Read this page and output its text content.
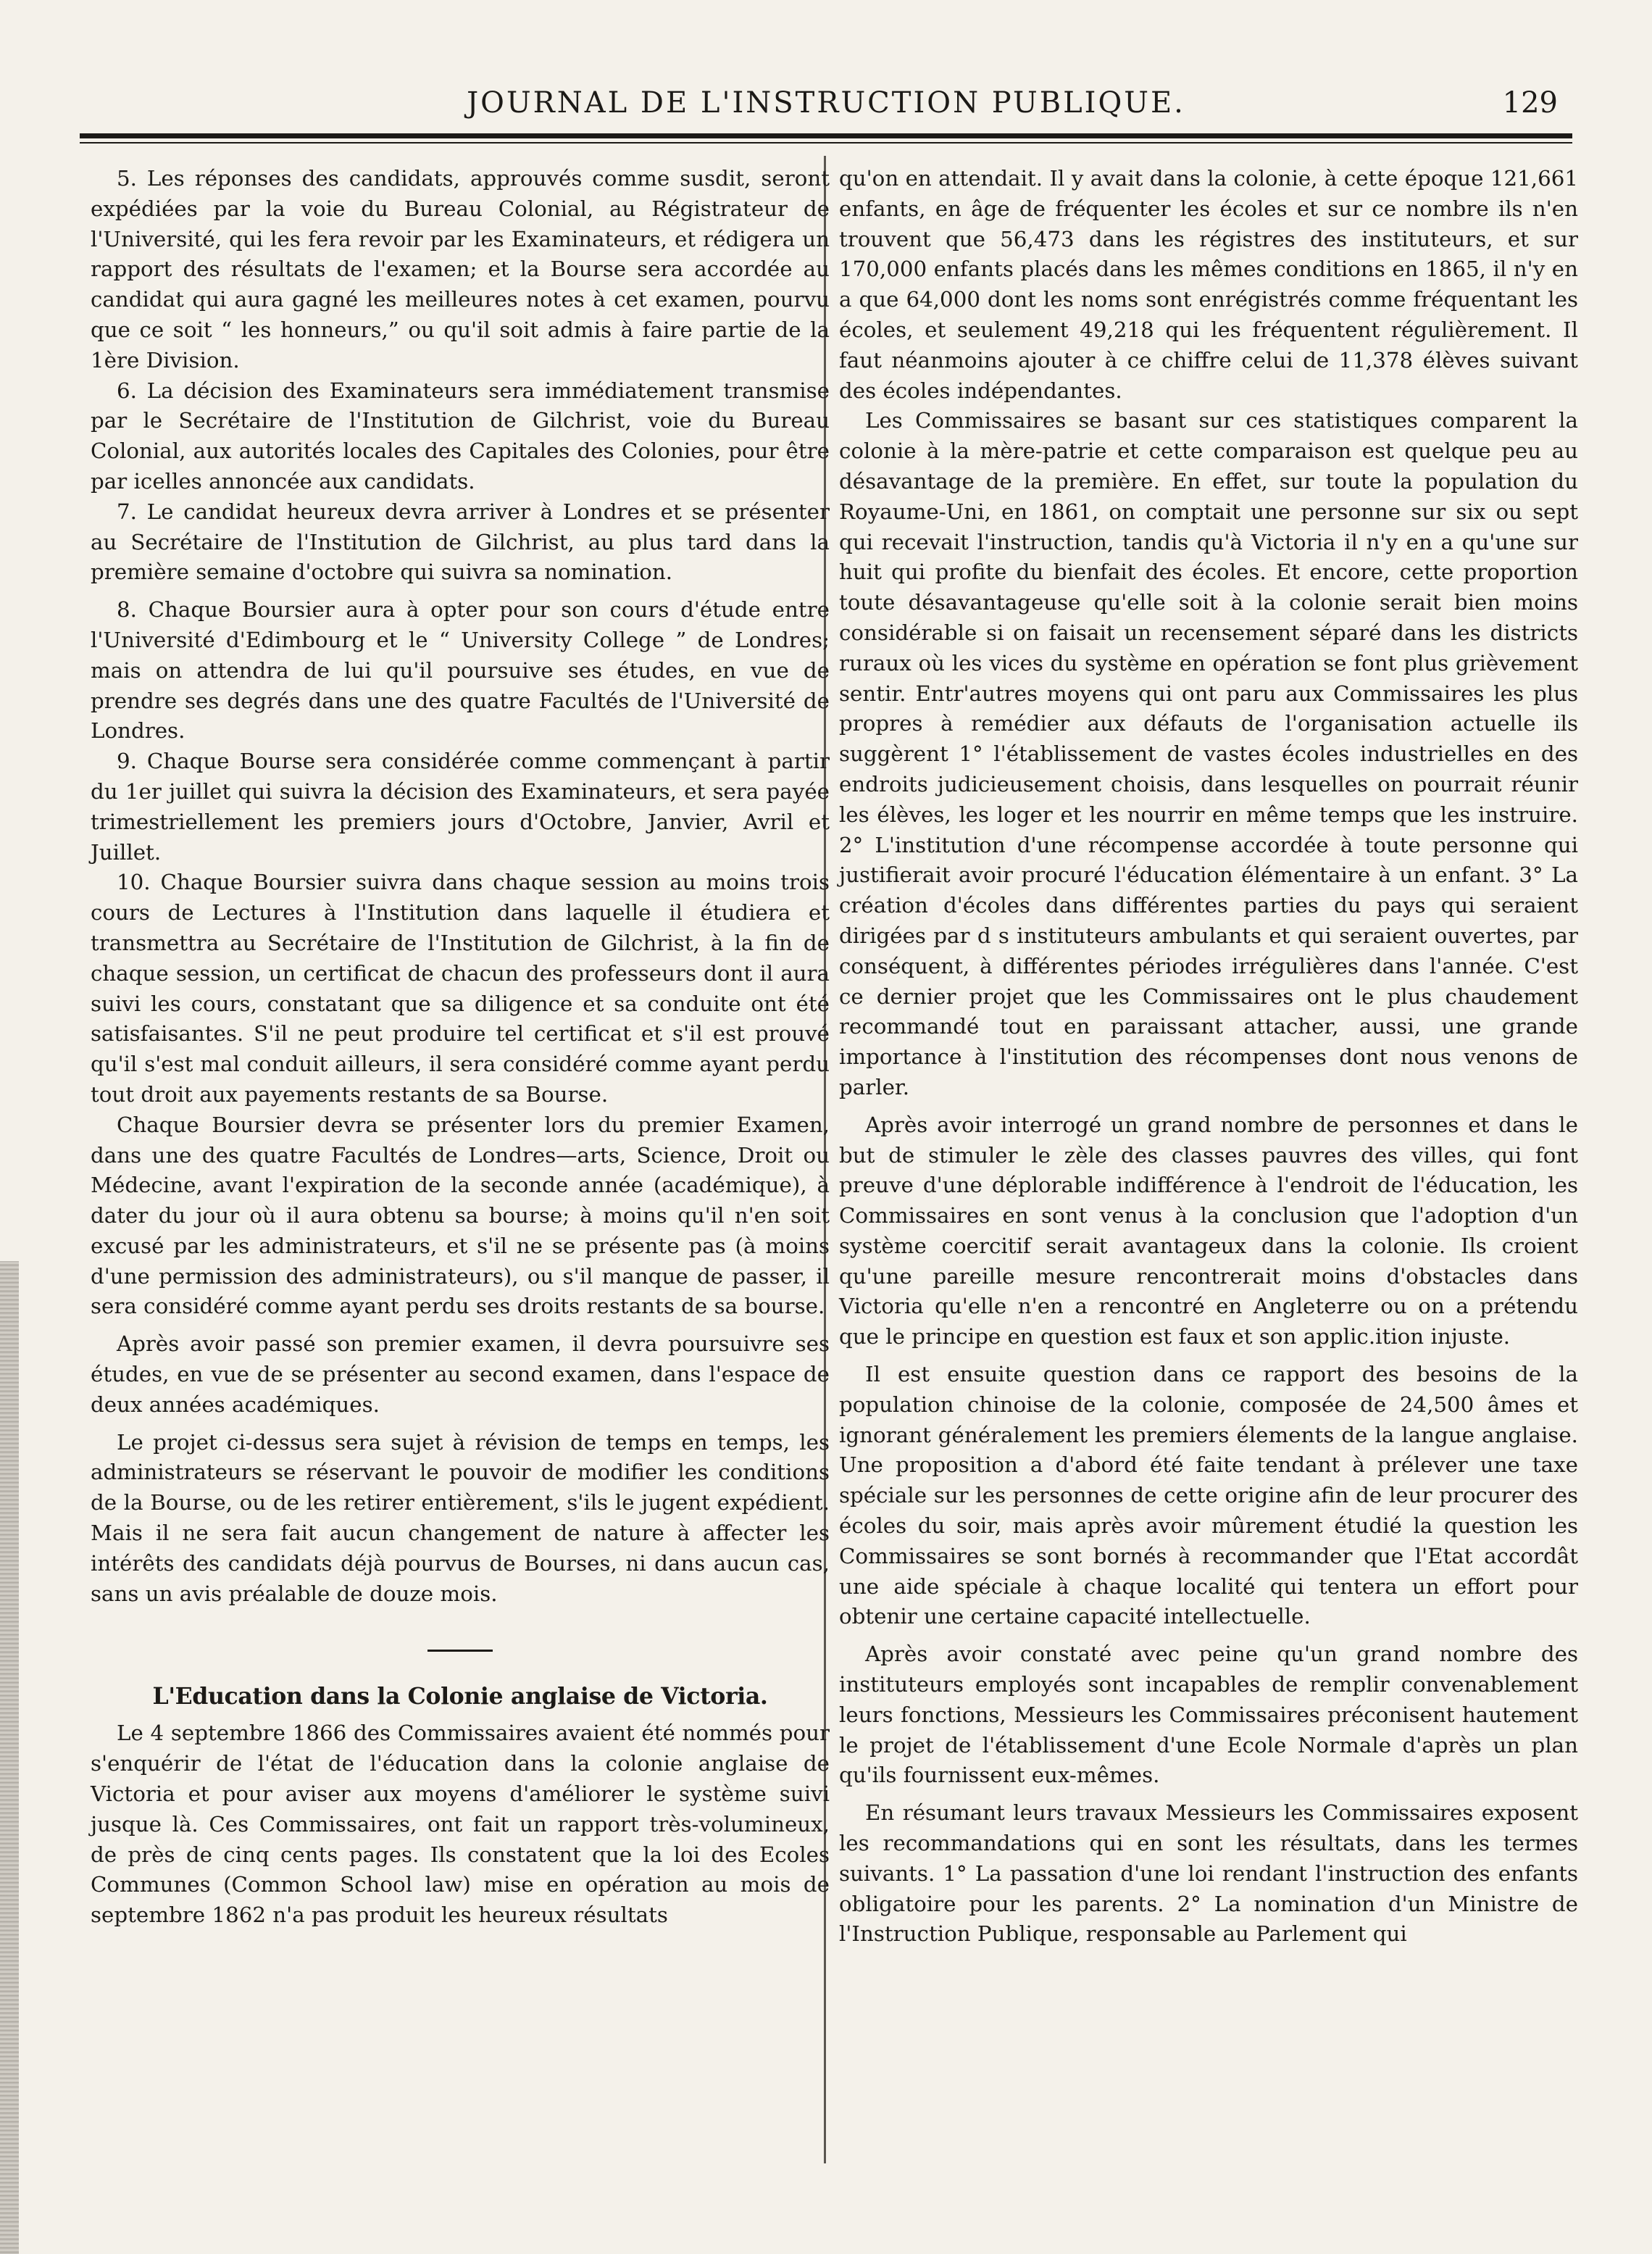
JOURNAL DE L'INSTRUCTION PUBLIQUE.	129

5. Les réponses des candidats, approuvés comme susdit, seront expédiées par la voie du Bureau Colonial, au Régistrateur de l'Université, qui les fera revoir par les Examinateurs, et rédigera un rapport des résultats de l'examen; et la Bourse sera accordée au candidat qui aura gagné les meilleures notes à cet examen, pourvu que ce soit “ les honneurs,” ou qu'il soit admis à faire partie de la 1ère Division.

6. La décision des Examinateurs sera immédiatement transmise par le Secrétaire de l'Institution de Gilchrist, voie du Bureau Colonial, aux autorités locales des Capitales des Colonies, pour être par icelles annoncée aux candidats.

7. Le candidat heureux devra arriver à Londres et se présenter au Secrétaire de l'Institution de Gilchrist, au plus tard dans la première semaine d'octobre qui suivra sa nomination.

8. Chaque Boursier aura à opter pour son cours d'étude entre l'Université d'Edimbourg et le “ University College ” de Londres; mais on attendra de lui qu'il poursuive ses études, en vue de prendre ses degrés dans une des quatre Facultés de l'Université de Londres.

9. Chaque Bourse sera considérée comme commençant à partir du 1er juillet qui suivra la décision des Examinateurs, et sera payée trimestriellement les premiers jours d'Octobre, Janvier, Avril et Juillet.

10. Chaque Boursier suivra dans chaque session au moins trois cours de Lectures à l'Institution dans laquelle il étudiera et transmettra au Secrétaire de l'Institution de Gilchrist, à la fin de chaque session, un certificat de chacun des professeurs dont il aura suivi les cours, constatant que sa diligence et sa conduite ont été satisfaisantes. S'il ne peut produire tel certificat et s'il est prouvé qu'il s'est mal conduit ailleurs, il sera considéré comme ayant perdu tout droit aux payements restants de sa Bourse.

Chaque Boursier devra se présenter lors du premier Examen, dans une des quatre Facultés de Londres—arts, Science, Droit ou Médecine, avant l'expiration de la seconde année (académique), à dater du jour où il aura obtenu sa bourse; à moins qu'il n'en soit excusé par les administrateurs, et s'il ne se présente pas (à moins d'une permission des administrateurs), ou s'il manque de passer, il sera considéré comme ayant perdu ses droits restants de sa bourse.

Après avoir passé son premier examen, il devra poursuivre ses études, en vue de se présenter au second examen, dans l'espace de deux années académiques.

Le projet ci-dessus sera sujet à révision de temps en temps, les administrateurs se réservant le pouvoir de modifier les conditions de la Bourse, ou de les retirer entièrement, s'ils le jugent expédient. Mais il ne sera fait aucun changement de nature à affecter les intérêts des candidats déjà pourvus de Bourses, ni dans aucun cas, sans un avis préalable de douze mois.

L'Education dans la Colonie anglaise de Victoria.

Le 4 septembre 1866 des Commissaires avaient été nommés pour s'enquérir de l'état de l'éducation dans la colonie anglaise de Victoria et pour aviser aux moyens d'améliorer le système suivi jusque là. Ces Commissaires, ont fait un rapport très-volumineux, de près de cinq cents pages. Ils constatent que la loi des Ecoles Communes (Common School law) mise en opération au mois de septembre 1862 n'a pas produit les heureux résultats

qu'on en attendait. Il y avait dans la colonie, à cette époque 121,661 enfants, en âge de fréquenter les écoles et sur ce nombre ils n'en trouvent que 56,473 dans les régistres des instituteurs, et sur 170,000 enfants placés dans les mêmes conditions en 1865, il n'y en a que 64,000 dont les noms sont enrégistrés comme fréquentant les écoles, et seulement 49,218 qui les fréquentent régulièrement. Il faut néanmoins ajouter à ce chiffre celui de 11,378 élèves suivant des écoles indépendantes.

Les Commissaires se basant sur ces statistiques comparent la colonie à la mère-patrie et cette comparaison est quelque peu au désavantage de la première. En effet, sur toute la population du Royaume-Uni, en 1861, on comptait une personne sur six ou sept qui recevait l'instruction, tandis qu'à Victoria il n'y en a qu'une sur huit qui profite du bienfait des écoles. Et encore, cette proportion toute désavantageuse qu'elle soit à la colonie serait bien moins considérable si on faisait un recensement séparé dans les districts ruraux où les vices du système en opération se font plus grièvement sentir. Entr'autres moyens qui ont paru aux Commissaires les plus propres à remédier aux défauts de l'organisation actuelle ils suggèrent 1° l'établissement de vastes écoles industrielles en des endroits judicieusement choisis, dans lesquelles on pourrait réunir les élèves, les loger et les nourrir en même temps que les instruire. 2° L'institution d'une récompense accordée à toute personne qui justifierait avoir procuré l'éducation élémentaire à un enfant. 3° La création d'écoles dans différentes parties du pays qui seraient dirigées par d s instituteurs ambulants et qui seraient ouvertes, par conséquent, à différentes périodes irrégulières dans l'année. C'est ce dernier projet que les Commissaires ont le plus chaudement recommandé tout en paraissant attacher, aussi, une grande importance à l'institution des récompenses dont nous venons de parler.

Après avoir interrogé un grand nombre de personnes et dans le but de stimuler le zèle des classes pauvres des villes, qui font preuve d'une déplorable indifférence à l'endroit de l'éducation, les Commissaires en sont venus à la conclusion que l'adoption d'un système coercitif serait avantageux dans la colonie. Ils croient qu'une pareille mesure rencontrerait moins d'obstacles dans Victoria qu'elle n'en a rencontré en Angleterre ou on a prétendu que le principe en question est faux et son applic.ition injuste.

Il est ensuite question dans ce rapport des besoins de la population chinoise de la colonie, composée de 24,500 âmes et ignorant généralement les premiers élements de la langue anglaise. Une proposition a d'abord été faite tendant à prélever une taxe spéciale sur les personnes de cette origine afin de leur procurer des écoles du soir, mais après avoir mûrement étudié la question les Commissaires se sont bornés à recommander que l'Etat accordât une aide spéciale à chaque localité qui tentera un effort pour obtenir une certaine capacité intellectuelle.

Après avoir constaté avec peine qu'un grand nombre des instituteurs employés sont incapables de remplir convenablement leurs fonctions, Messieurs les Commissaires préconisent hautement le projet de l'établissement d'une Ecole Normale d'après un plan qu'ils fournissent eux-mêmes.

En résumant leurs travaux Messieurs les Commissaires exposent les recommandations qui en sont les résultats, dans les termes suivants. 1° La passation d'une loi rendant l'instruction des enfants obligatoire pour les parents. 2° La nomination d'un Ministre de l'Instruction Publique, responsable au Parlement qui
